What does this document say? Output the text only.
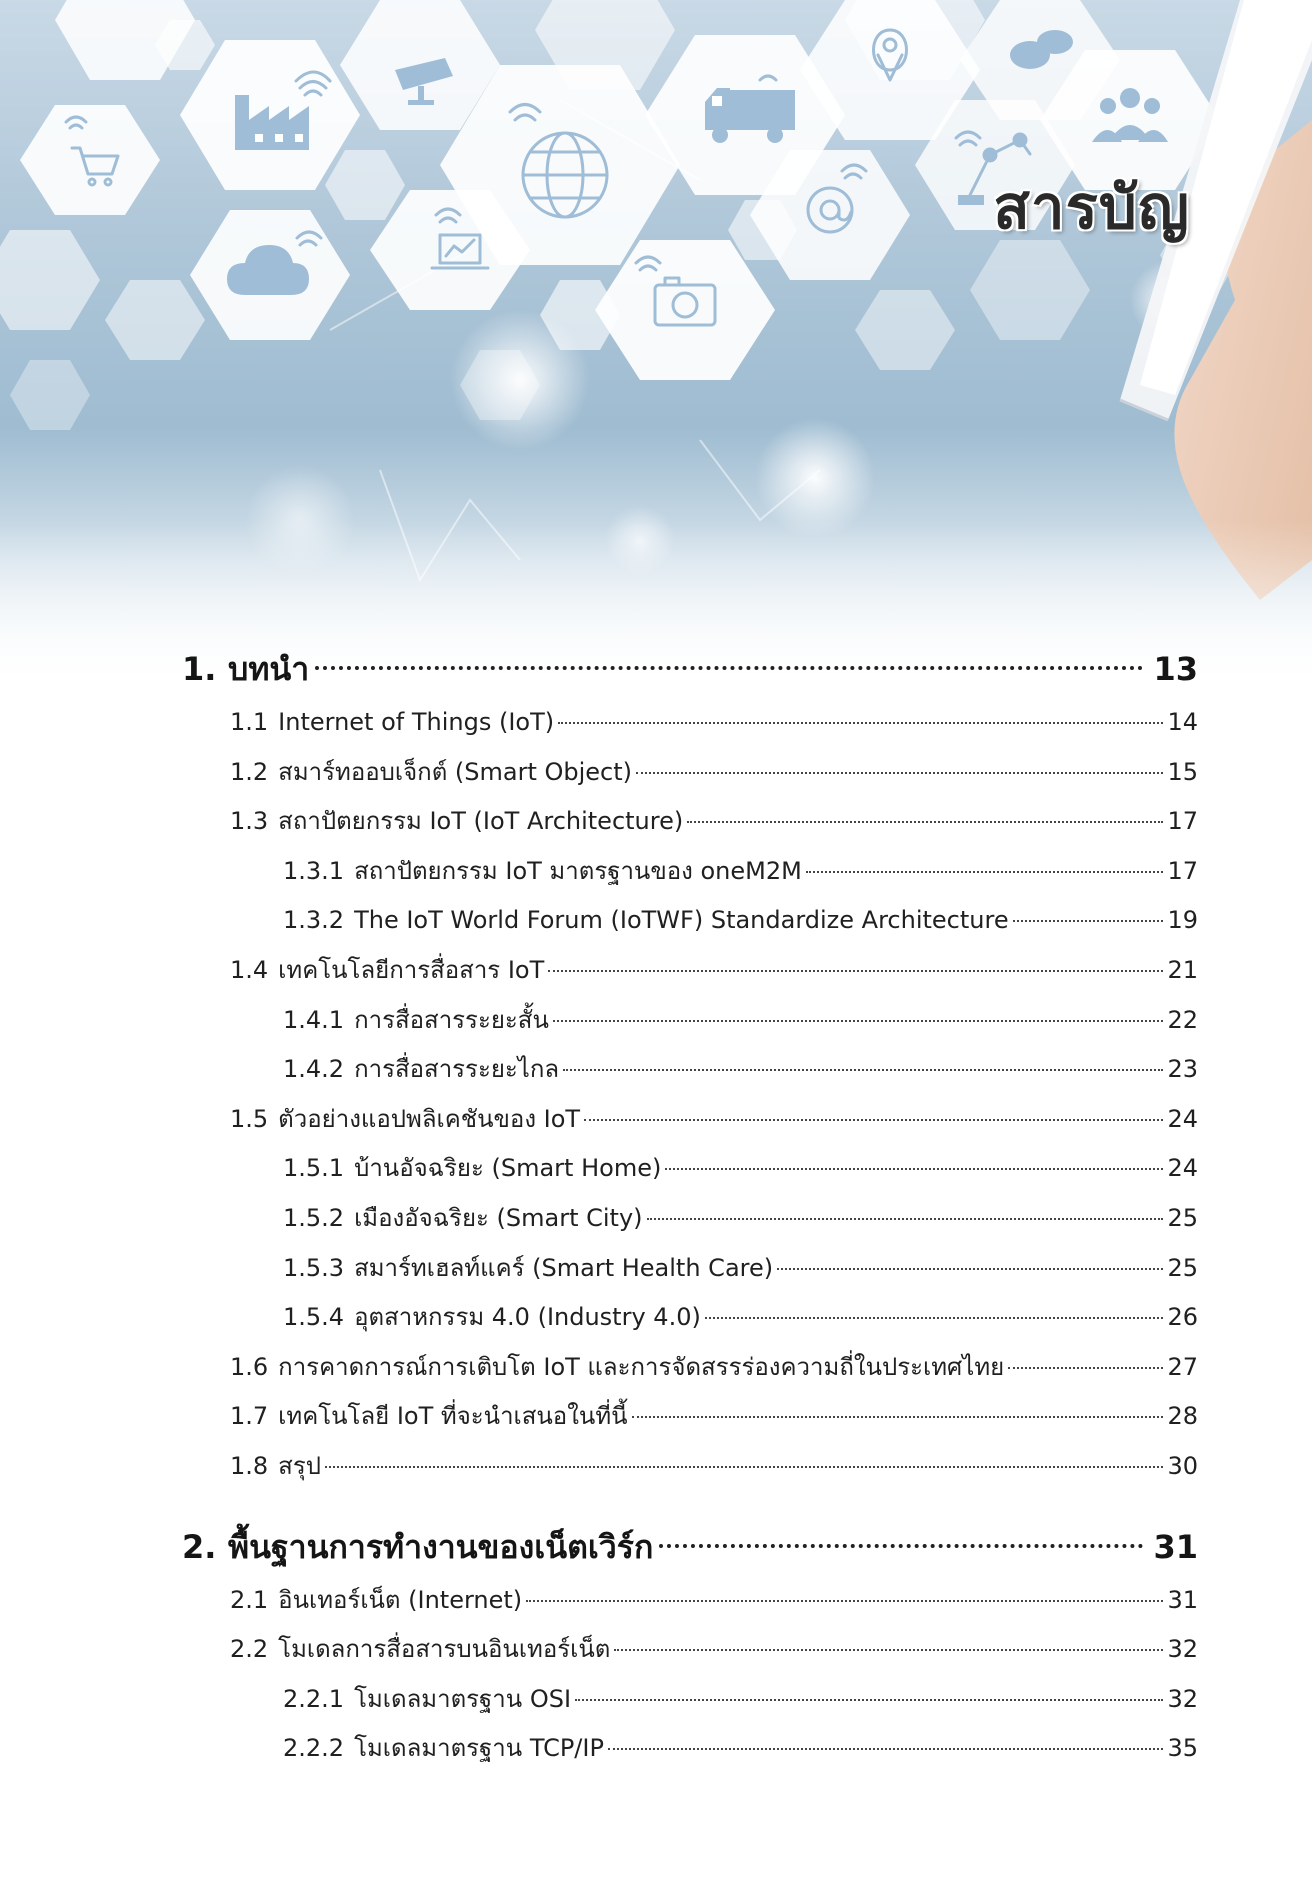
สารบัญ
1. บทนำ	13
1.1 Internet of Things (IoT)	14
1.2 สมาร์ทออบเจ็กต์ (Smart Object)	15
1.3 สถาปัตยกรรม IoT (IoT Architecture)	17
1.3.1 สถาปัตยกรรม IoT มาตรฐานของ oneM2M	17
1.3.2 The IoT World Forum (IoTWF) Standardize Architecture	19
1.4 เทคโนโลยีการสื่อสาร IoT	21
1.4.1 การสื่อสารระยะสั้น	22
1.4.2 การสื่อสารระยะไกล	23
1.5 ตัวอย่างแอปพลิเคชันของ IoT	24
1.5.1 บ้านอัจฉริยะ (Smart Home)	24
1.5.2 เมืองอัจฉริยะ (Smart City)	25
1.5.3 สมาร์ทเฮลท์แคร์ (Smart Health Care)	25
1.5.4 อุตสาหกรรม 4.0 (Industry 4.0)	26
1.6 การคาดการณ์การเติบโต IoT และการจัดสรรร่องความถี่ในประเทศไทย	27
1.7 เทคโนโลยี IoT ที่จะนำเสนอในที่นี้	28
1.8 สรุป	30
2. พื้นฐานการทำงานของเน็ตเวิร์ก	31
2.1 อินเทอร์เน็ต (Internet)	31
2.2 โมเดลการสื่อสารบนอินเทอร์เน็ต	32
2.2.1 โมเดลมาตรฐาน OSI	32
2.2.2 โมเดลมาตรฐาน TCP/IP	35
